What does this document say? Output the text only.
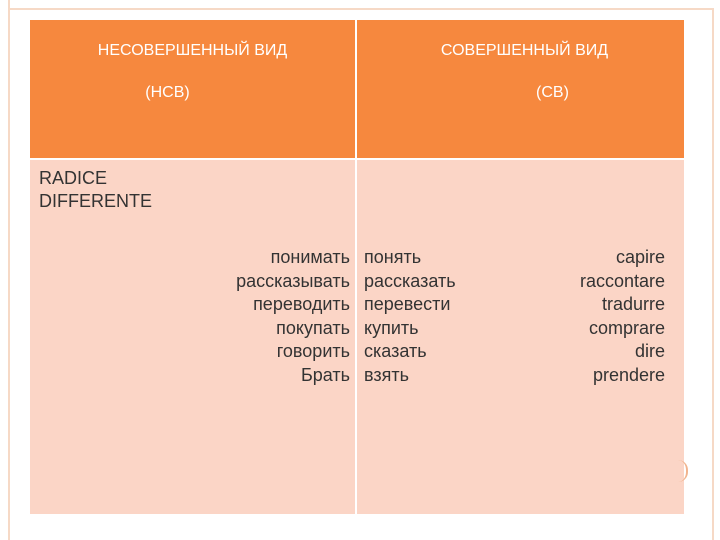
НЕСОВЕРШЕННЫЙ ВИД
(НСВ)
СОВЕРШЕННЫЙ ВИД
(СВ)
RADICE
DIFFERENTE
понимать
рассказывать
переводить
покупать
говорить
Брать
понять
рассказать
перевести
купить
сказать
взять
capire
raccontare
tradurre
comprare
dire
prendere
